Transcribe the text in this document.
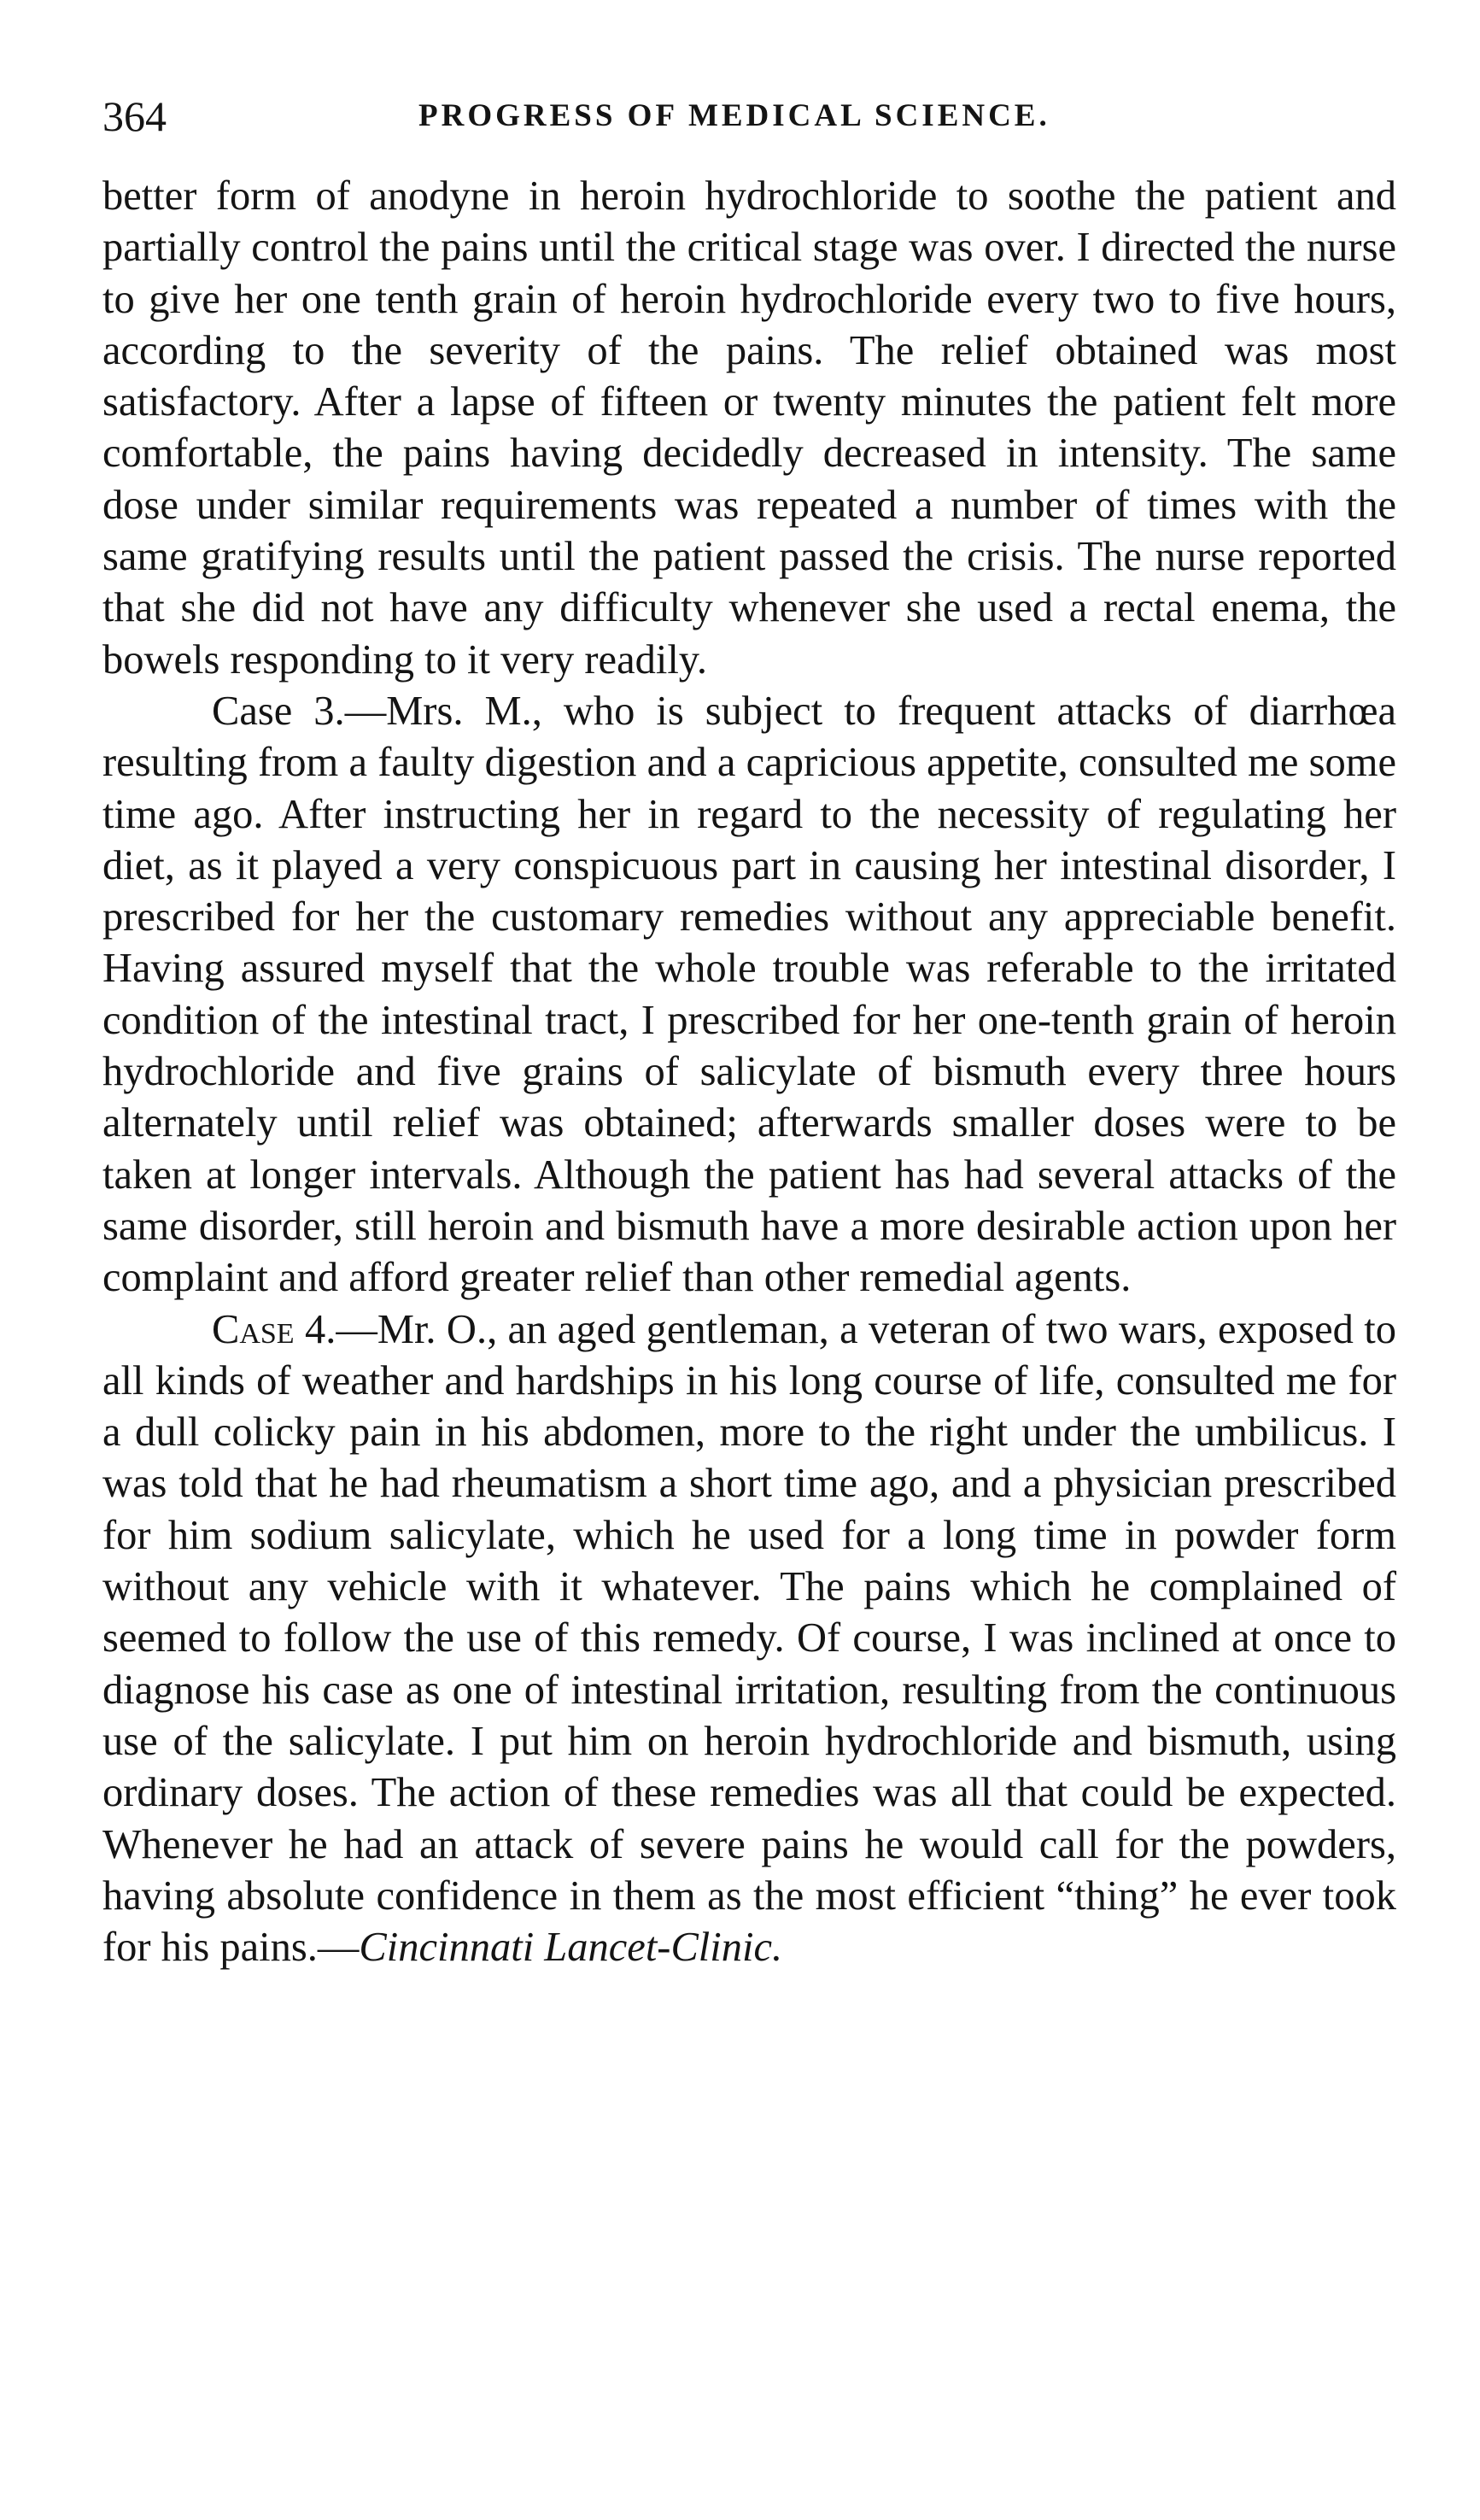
364	PROGRESS OF MEDICAL SCIENCE.

better form of anodyne in heroin hydrochloride to soothe the patient and partially control the pains until the critical stage was over. I directed the nurse to give her one tenth grain of heroin hydrochloride every two to five hours, according to the severity of the pains. The relief obtained was most satisfactory. After a lapse of fifteen or twenty minutes the patient felt more comfortable, the pains having decidedly decreased in intensity. The same dose under similar requirements was repeated a number of times with the same gratifying results until the patient passed the crisis. The nurse reported that she did not have any difficulty whenever she used a rectal enema, the bowels responding to it very readily.

Case 3.—Mrs. M., who is subject to frequent attacks of diarrhœa resulting from a faulty digestion and a capricious appetite, consulted me some time ago. After instructing her in regard to the necessity of regulating her diet, as it played a very conspicuous part in causing her intestinal disorder, I prescribed for her the customary remedies without any appreciable benefit. Having assured myself that the whole trouble was referable to the irritated condition of the intestinal tract, I prescribed for her one-tenth grain of heroin hydrochloride and five grains of salicylate of bismuth every three hours alternately until relief was obtained; afterwards smaller doses were to be taken at longer intervals. Although the patient has had several attacks of the same disorder, still heroin and bismuth have a more desirable action upon her complaint and afford greater relief than other remedial agents.

Case 4.—Mr. O., an aged gentleman, a veteran of two wars, exposed to all kinds of weather and hardships in his long course of life, consulted me for a dull colicky pain in his abdomen, more to the right under the umbilicus. I was told that he had rheumatism a short time ago, and a physician prescribed for him sodium salicylate, which he used for a long time in powder form without any vehicle with it whatever. The pains which he complained of seemed to follow the use of this remedy. Of course, I was inclined at once to diagnose his case as one of intestinal irritation, resulting from the continuous use of the salicylate. I put him on heroin hydrochloride and bismuth, using ordinary doses. The action of these remedies was all that could be expected. Whenever he had an attack of severe pains he would call for the powders, having absolute confidence in them as the most efficient “thing” he ever took for his pains.—Cincinnati Lancet-Clinic.
